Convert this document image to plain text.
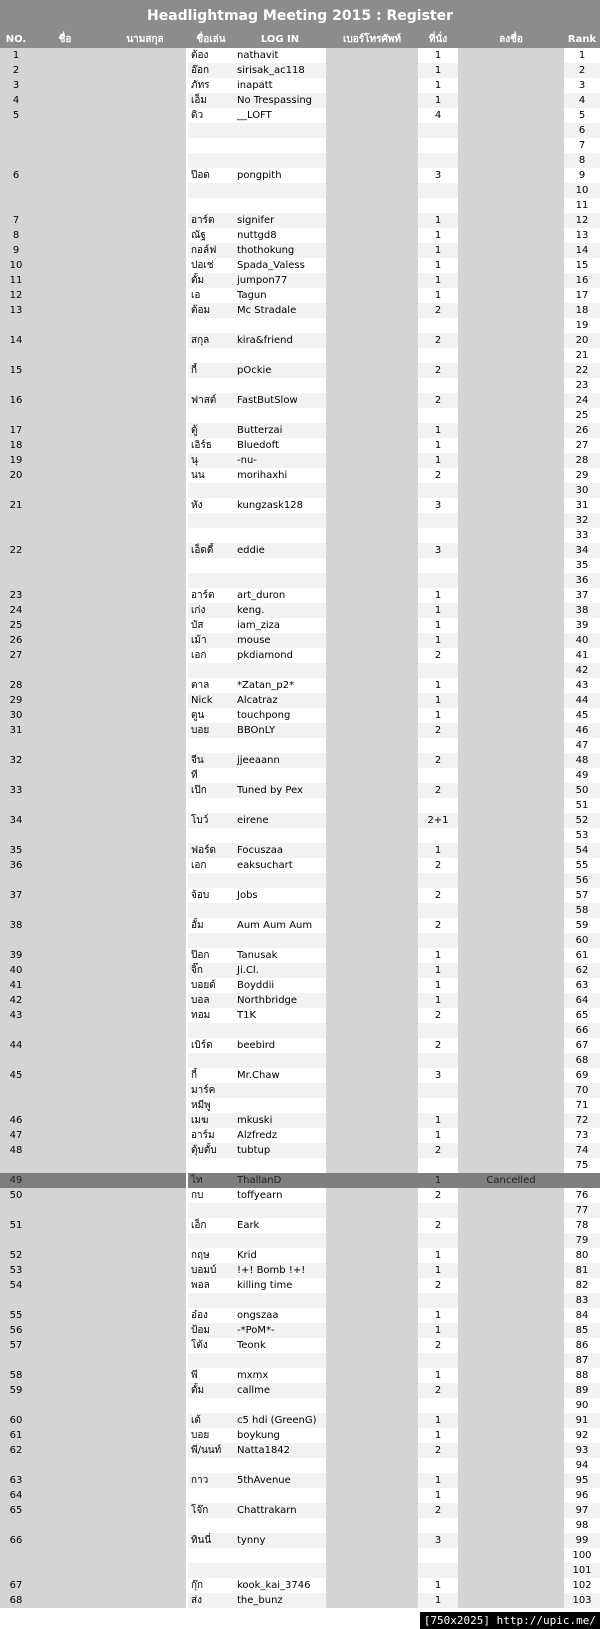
Headlightmag Meeting 2015 : Register
NO.	ชื่อ	นามสกุล	ชื่อเล่น	LOG IN	เบอร์โทรศัพท์	ที่นั่ง	ลงชื่อ	Rank
1	ต้อง	nathavit	1	1
2	อ๊อก	sirisak_ac118	1	2
3	ภัทร	inapatt	1	3
4	เอ็ม	No Trespassing	1	4
5	ดิว	__LOFT	4	5
6
7
8
6	ป๊อด	pongpith	3	9
10
11
7	อาร์ต	signifer	1	12
8	ณัฐ	nuttgd8	1	13
9	กอล์ฟ	thothokung	1	14
10	ปอเช่	Spada_Valess	1	15
11	ตั้ม	jumpon77	1	16
12	เอ	Tagun	1	17
13	ต้อม	Mc Stradale	2	18
19
14	สกุล	kira&friend	2	20
21
15	กี้	pOckie	2	22
23
16	ฟาสต์	FastButSlow	2	24
25
17	ตู้	Butterzai	1	26
18	เอิร์ธ	Bluedoft	1	27
19	นุ	-nu-	1	28
20	นน	morihaxhi	2	29
30
21	หัง	kungzask128	3	31
32
33
22	เอ็ดดี้	eddie	3	34
35
36
23	อาร์ต	art_duron	1	37
24	เก่ง	keng.	1	38
25	บัส	iam_ziza	1	39
26	เม้า	mouse	1	40
27	เอก	pkdiamond	2	41
42
28	ตาล	*Zatan_p2*	1	43
29	Nick	Alcatraz	1	44
30	ตูน	touchpong	1	45
31	บอย	BBOnLY	2	46
47
32	จีน	jjeeaann	2	48
ที	49
33	เป๊ก	Tuned by Pex	2	50
51
34	โบว์	eirene	2+1	52
53
35	ฟอร์ด	Focuszaa	1	54
36	เอก	eaksuchart	2	55
56
37	จ้อบ	Jobs	2	57
58
38	อั้ม	Aum Aum Aum	2	59
60
39	ป๊อก	Tanusak	1	61
40	จิ๊ก	Ji.Cl.	1	62
41	บอยด์	Boyddii	1	63
42	บอล	Northbridge	1	64
43	ทอม	T1K	2	65
66
44	เบิร์ด	beebird	2	67
68
45	กี้	Mr.Chaw	3	69
มาร์ค	70
หมีพู	71
46	เมฆ	mkuski	1	72
47	อาร์ม	Alzfredz	1	73
48	ตุ้บตั้บ	tubtup	2	74
75
49	ไท	ThallanD	1	Cancelled
50	กบ	toffyearn	2	76
77
51	เอ็ก	Eark	2	78
79
52	กฤษ	Krid	1	80
53	บอมบ์	!+! Bomb !+!	1	81
54	พอล	killing time	2	82
83
55	อ๋อง	ongszaa	1	84
56	ป้อม	-*PoM*-	1	85
57	โต้ง	Teonk	2	86
87
58	พี	mxmx	1	88
59	ตั้ม	callme	2	89
90
60	เต้	c5 hdi (GreenG)	1	91
61	บอย	boykung	1	92
62	พี/นนท์	Natta1842	2	93
94
63	กาว	5thAvenue	1	95
64	1	96
65	โจ๊ก	Chattrakarn	2	97
98
66	ทินนี่	tynny	3	99
100
101
67	กุ๊ก	kook_kai_3746	1	102
68	ส่ง	the_bunz	1	103
[750x2025] http://upic.me/
